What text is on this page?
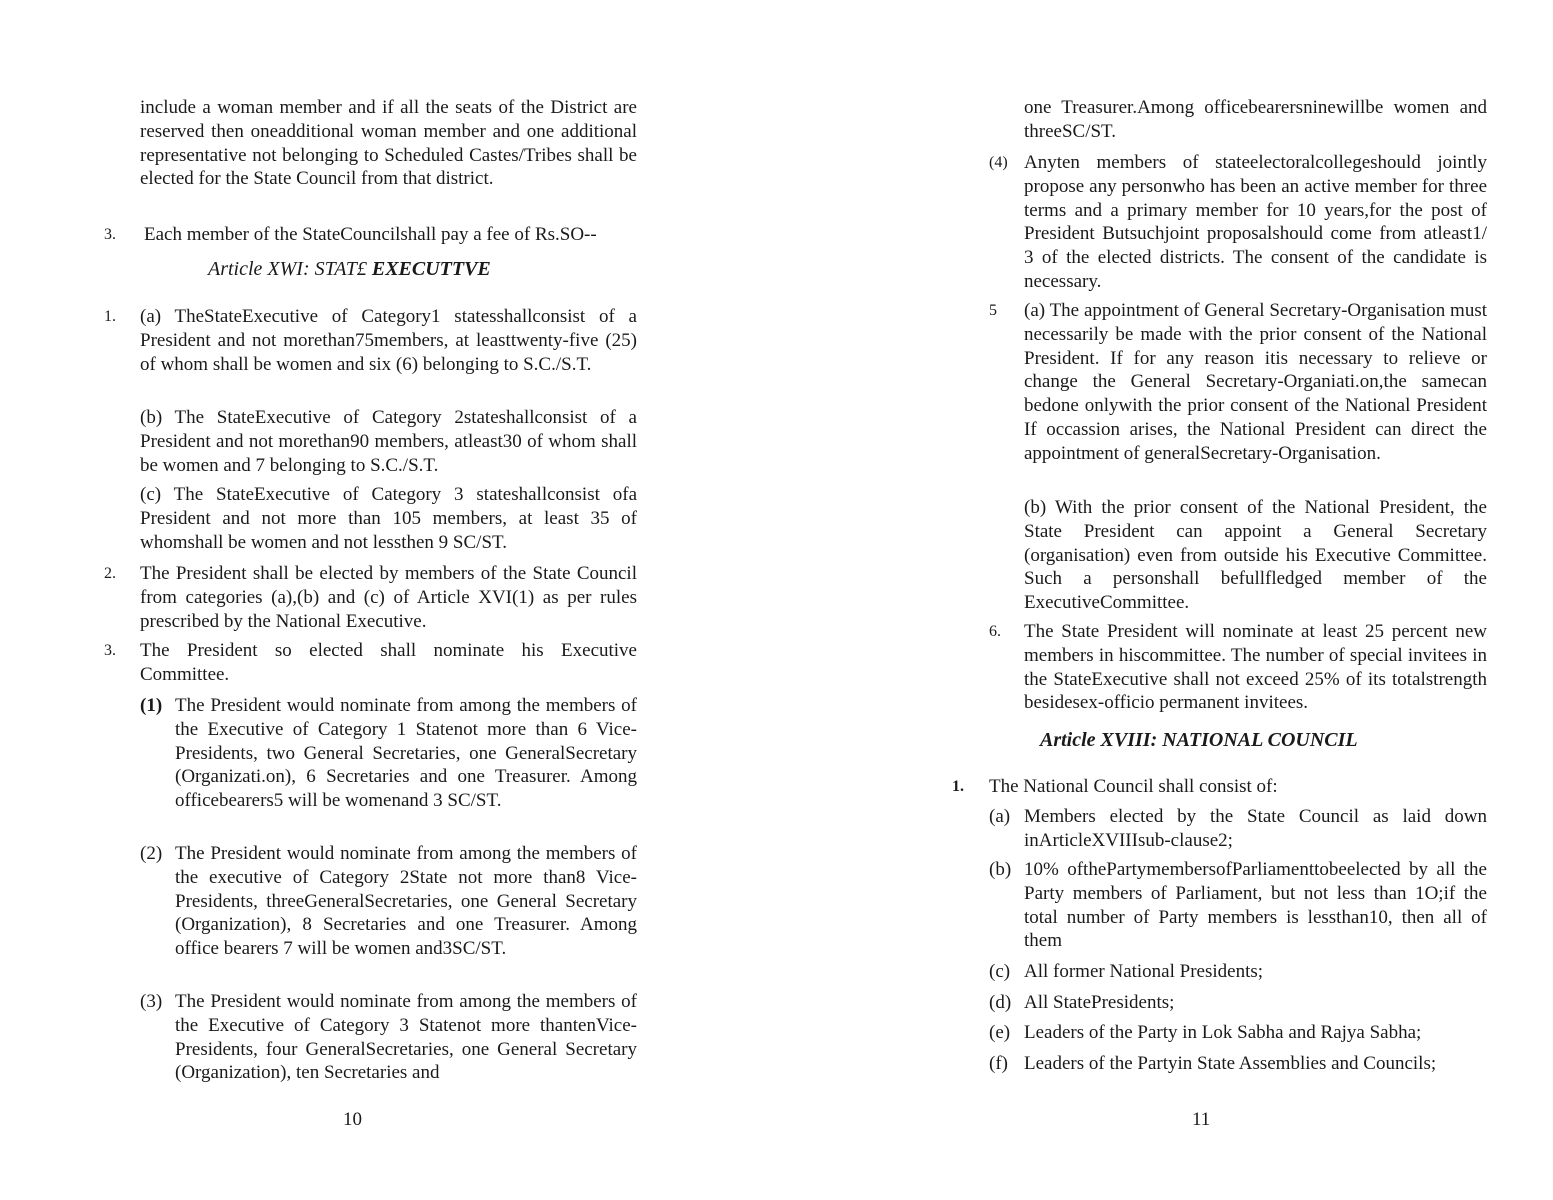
include a woman member and if all the seats of the District are reserved then oneadditional woman member and one additional representative not belonging to Scheduled Castes/Tribes shall be elected for the State Council from that district.

3. Each member of the StateCouncilshall pay a fee of Rs.SO--

Article XWI: STAT£ EXECUTTVE
1. (a) TheStateExecutive of Category1 statesshallconsist of a President and not morethan75members, at leasttwenty-five (25) of whom shall be women and six (6) belonging to S.C./S.T.

(b) The StateExecutive of Category 2stateshallconsist of a President and not morethan90 members, atleast30 of whom shall be women and 7 belonging to S.C./S.T.

(c) The StateExecutive of Category 3 stateshallconsist ofa President and not more than 105 members, at least 35 of whomshall be women and not lessthen 9 SC/ST.

2. The President shall be elected by members of the State Council from categories (a),(b) and (c) of Article XVI(1) as per rules prescribed by the National Executive.

3. The President so elected shall nominate his Executive Committee.

(1) The President would nominate from among the members of the Executive of Category 1 Statenot more than 6 Vice-Presidents, two General Secretaries, one GeneralSecretary (Organizati.on), 6 Secretaries and one Treasurer. Among officebearers5 will be womenand 3 SC/ST.

(2) The President would nominate from among the members of the executive of Category 2State not more than8 Vice-Presidents, threeGeneralSecretaries, one General Secretary (Organization), 8 Secretaries and one Treasurer. Among office bearers 7 will be women and3SC/ST.

(3) The President would nominate from among the members of the Executive of Category 3 Statenot more thantenVice-Presidents, four GeneralSecretaries, one General Secretary (Organization), ten Secretaries and

10

one Treasurer.Among officebearersninewillbe women and threeSC/ST.

(4) Anyten members of stateelectoralcollegeshould jointly propose any personwho has been an active member for three terms and a primary member for 10 years,for the post of President Butsuchjoint proposalshould come from atleast1/ 3 of the elected districts. The consent of the candidate is necessary.

5 (a) The appointment of General Secretary-Organisation must necessarily be made with the prior consent of the National President. If for any reason itis necessary to relieve or change the General Secretary-Organiati.on,the samecan bedone onlywith the prior consent of the National President If occassion arises, the National President can direct the appointment of generalSecretary-Organisation.

(b) With the prior consent of the National President, the State President can appoint a General Secretary (organisation) even from outside his Executive Committee. Such a personshall befullfledged member of the ExecutiveCommittee.

6. The State President will nominate at least 25 percent new members in hiscommittee. The number of special invitees in the StateExecutive shall not exceed 25% of its totalstrength besidesex-officio permanent invitees.

Article XVIII: NATIONAL COUNCIL
1. The National Council shall consist of:

(a) Members elected by the State Council as laid down inArticleXVIIIsub-clause2;

(b) 10% ofthePartymembersofParliamenttobeelected by all the Party members of Parliament, but not less than 1O;if the total number of Party members is lessthan10, then all of them

(c) All former National Presidents;

(d) All StatePresidents;

(e) Leaders of the Party in Lok Sabha and Rajya Sabha;

(f) Leaders of the Partyin State Assemblies and Councils;

11
